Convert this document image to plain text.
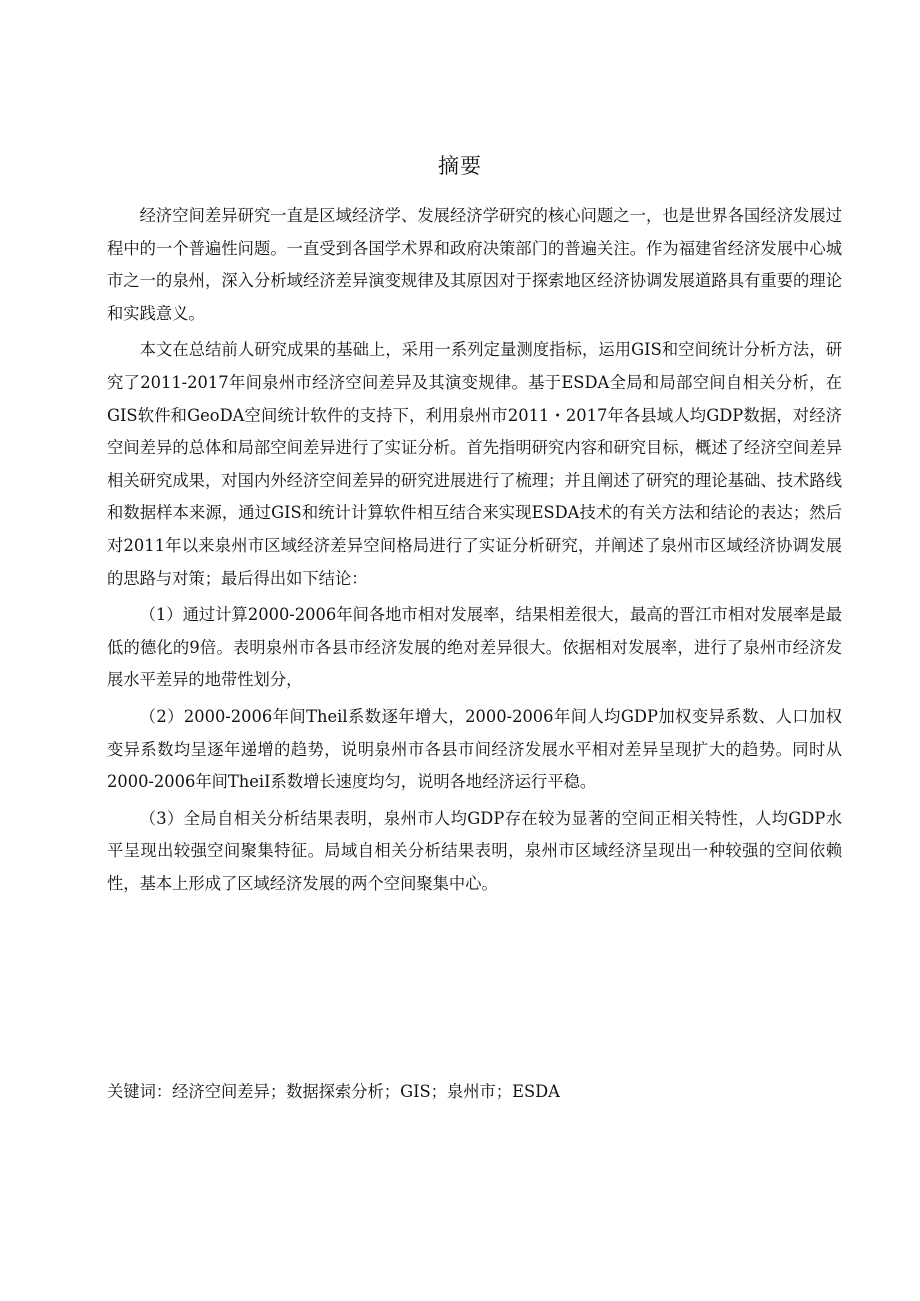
摘要

经济空间差异研究一直是区域经济学、发展经济学研究的核心问题之一，也是世界各国经济发展过程中的一个普遍性问题。一直受到各国学术界和政府决策部门的普遍关注。作为福建省经济发展中心城市之一的泉州，深入分析域经济差异演变规律及其原因对于探索地区经济协调发展道路具有重要的理论和实践意义。

本文在总结前人研究成果的基础上，采用一系列定量测度指标，运用GIS和空间统计分析方法，研究了2011-2017年间泉州市经济空间差异及其演变规律。基于ESDA全局和局部空间自相关分析，在GIS软件和GeoDA空间统计软件的支持下，利用泉州市2011・2017年各县域人均GDP数据，对经济空间差异的总体和局部空间差异进行了实证分析。首先指明研究内容和研究目标，概述了经济空间差异相关研究成果，对国内外经济空间差异的研究进展进行了梳理；并且阐述了研究的理论基础、技术路线和数据样本来源，通过GIS和统计计算软件相互结合来实现ESDA技术的有关方法和结论的表达；然后对2011年以来泉州市区域经济差异空间格局进行了实证分析研究，并阐述了泉州市区域经济协调发展的思路与对策；最后得出如下结论：

（1）通过计算2000-2006年间各地市相对发展率，结果相差很大，最高的晋江市相对发展率是最低的德化的9倍。表明泉州市各县市经济发展的绝对差异很大。依据相对发展率，进行了泉州市经济发展水平差异的地带性划分，

（2）2000-2006年间Theil系数逐年增大，2000-2006年间人均GDP加权变异系数、人口加权变异系数均呈逐年递增的趋势，说明泉州市各县市间经济发展水平相对差异呈现扩大的趋势。同时从2000-2006年间TheiI系数增长速度均匀，说明各地经济运行平稳。

（3）全局自相关分析结果表明，泉州市人均GDP存在较为显著的空间正相关特性，人均GDP水平呈现出较强空间聚集特征。局域自相关分析结果表明，泉州市区域经济呈现出一种较强的空间依赖性，基本上形成了区域经济发展的两个空间聚集中心。

关键词：经济空间差异；数据探索分析；GIS；泉州市；ESDA
